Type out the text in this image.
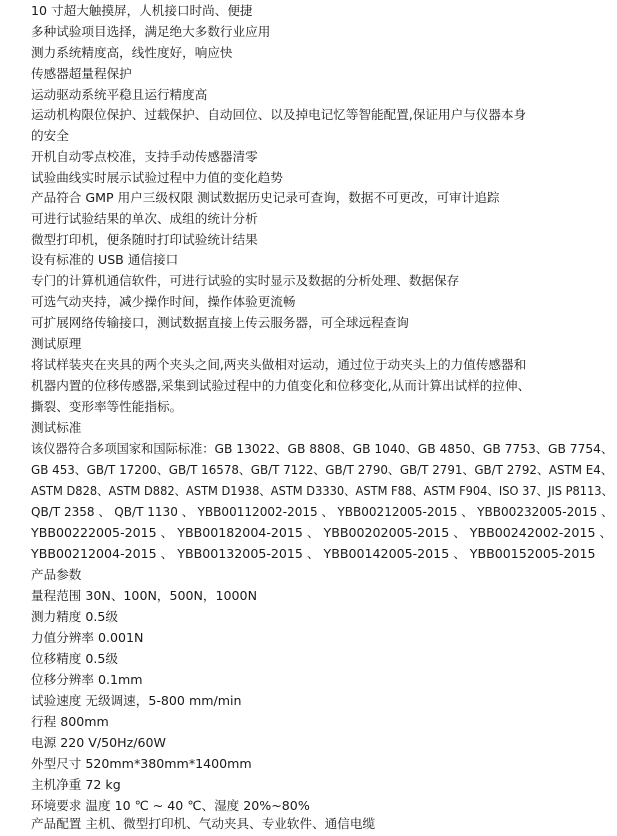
10 寸超大触摸屏，人机接口时尚、便捷
多种试验项目选择，满足绝大多数行业应用
测力系统精度高，线性度好，响应快
传感器超量程保护
运动驱动系统平稳且运行精度高
运动机构限位保护、过载保护、自动回位、以及掉电记忆等智能配置,保证用户与仪器本身
的安全
开机自动零点校准，支持手动传感器清零
试验曲线实时展示试验过程中力值的变化趋势
产品符合 GMP 用户三级权限 测试数据历史记录可查询，数据不可更改，可审计追踪
可进行试验结果的单次、成组的统计分析
微型打印机，便条随时打印试验统计结果
设有标准的 USB 通信接口
专门的计算机通信软件，可进行试验的实时显示及数据的分析处理、数据保存
可选气动夹持，减少操作时间，操作体验更流畅
可扩展网络传输接口，测试数据直接上传云服务器，可全球远程查询
测试原理
将试样装夹在夹具的两个夹头之间,两夹头做相对运动，通过位于动夹头上的力值传感器和
机器内置的位移传感器,采集到试验过程中的力值变化和位移变化,从而计算出试样的拉伸、
撕裂、变形率等性能指标。
测试标准
该仪器符合多项国家和国际标准：GB 13022、GB 8808、GB 1040、GB 4850、GB 7753、GB 7754、
GB 453、GB/T 17200、GB/T 16578、GB/T 7122、GB/T 2790、GB/T 2791、GB/T 2792、ASTM E4、
ASTM D828、ASTM D882、ASTM D1938、ASTM D3330、ASTM F88、ASTM F904、ISO 37、JIS P8113、
QB/T 2358 、 QB/T 1130 、 YBB00112002-2015 、 YBB00212005-2015 、 YBB00232005-2015 、
YBB00222005-2015 、 YBB00182004-2015 、 YBB00202005-2015 、 YBB00242002-2015 、
YBB00212004-2015 、 YBB00132005-2015 、 YBB00142005-2015 、 YBB00152005-2015
产品参数
量程范围 30N、100N，500N，1000N
测力精度 0.5级
力值分辨率 0.001N
位移精度 0.5级
位移分辨率 0.1mm
试验速度 无级调速，5-800 mm/min
行程 800mm
电源 220 V/50Hz/60W
外型尺寸 520mm*380mm*1400mm
主机净重 72 kg
环境要求 温度 10 ℃ ~ 40 ℃、湿度 20%~80%
产品配置 主机、微型打印机、气动夹具、专业软件、通信电缆
